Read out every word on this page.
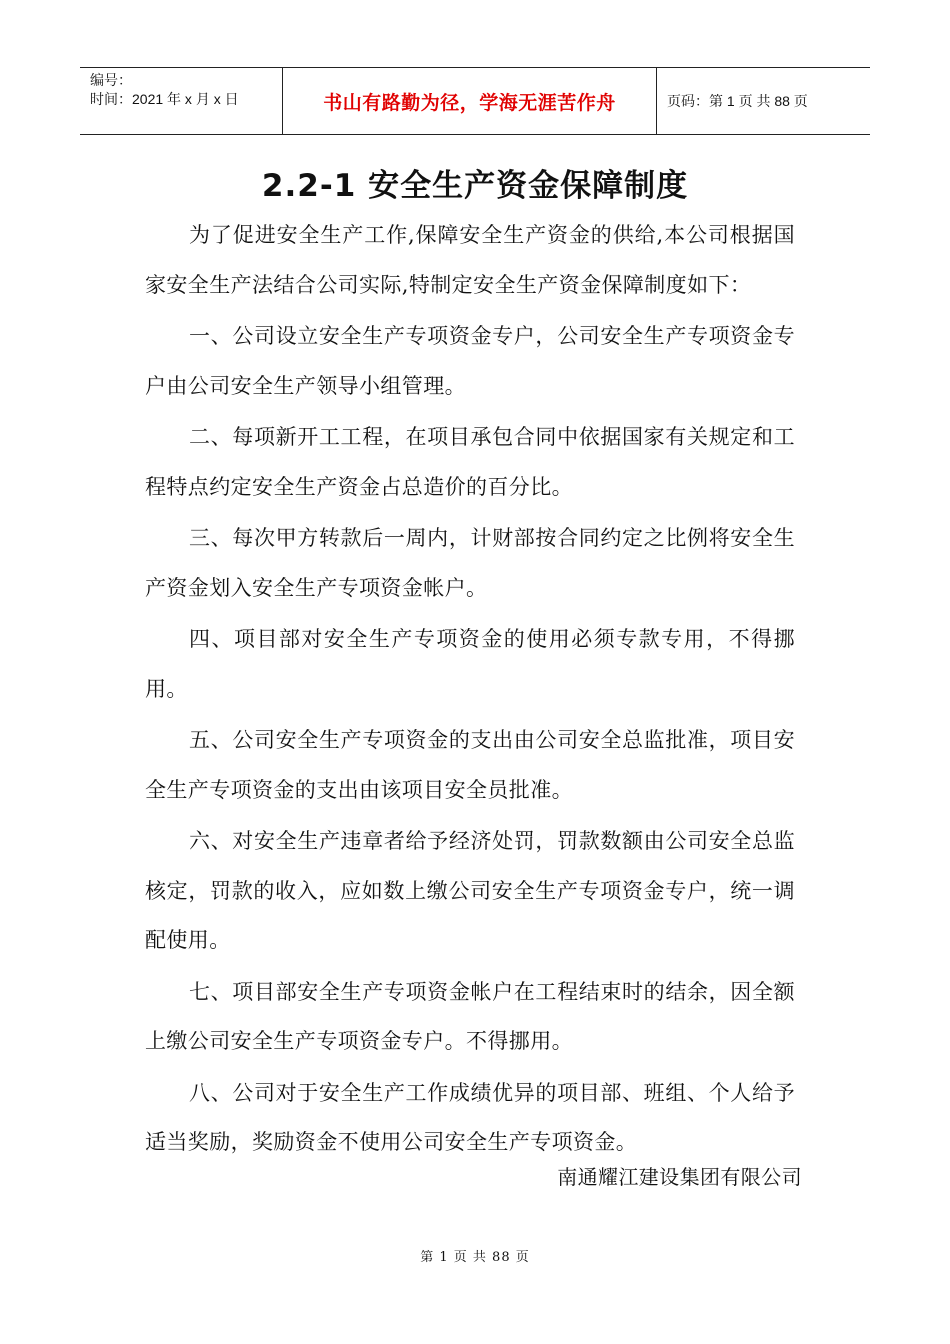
编号：
时间：2021 年 x 月 x 日	书山有路勤为径，学海无涯苦作舟	页码：第 1 页 共 88 页
2.2-1 安全生产资金保障制度

为了促进安全生产工作,保障安全生产资金的供给,本公司根据国家安全生产法结合公司实际,特制定安全生产资金保障制度如下：

一、公司设立安全生产专项资金专户，公司安全生产专项资金专户由公司安全生产领导小组管理。

二、每项新开工工程，在项目承包合同中依据国家有关规定和工程特点约定安全生产资金占总造价的百分比。

三、每次甲方转款后一周内，计财部按合同约定之比例将安全生产资金划入安全生产专项资金帐户。

四、项目部对安全生产专项资金的使用必须专款专用，不得挪用。

五、公司安全生产专项资金的支出由公司安全总监批准，项目安全生产专项资金的支出由该项目安全员批准。

六、对安全生产违章者给予经济处罚，罚款数额由公司安全总监核定，罚款的收入，应如数上缴公司安全生产专项资金专户，统一调配使用。

七、项目部安全生产专项资金帐户在工程结束时的结余，因全额上缴公司安全生产专项资金专户。不得挪用。

八、公司对于安全生产工作成绩优异的项目部、班组、个人给予适当奖励，奖励资金不使用公司安全生产专项资金。

南通耀江建设集团有限公司
第 1 页 共 88 页
